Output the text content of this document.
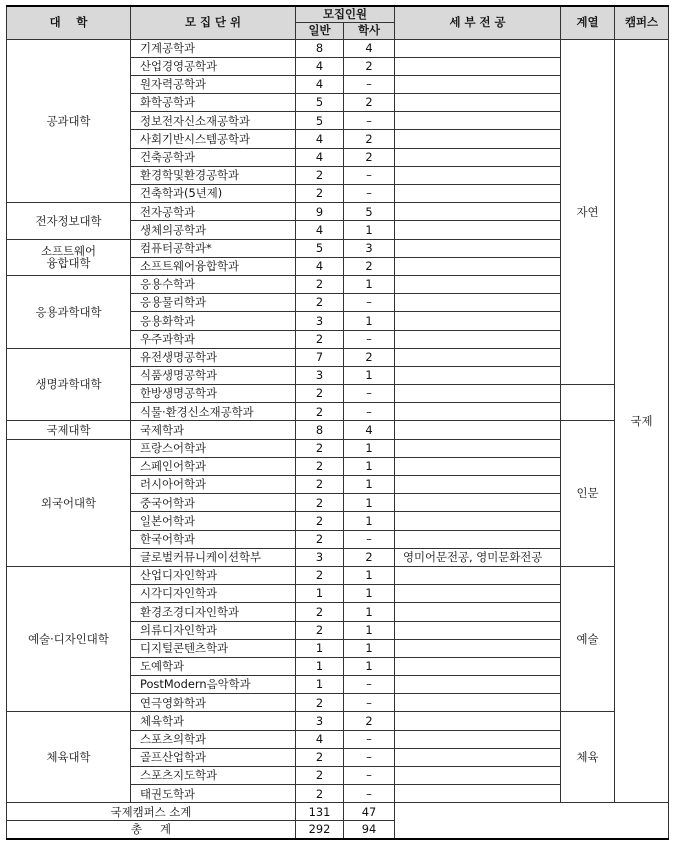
대    학	모 집 단 위	모집인원		세 부 전 공	계열	캠퍼스
		일반	학사			
공과대학	기계공학과	8	4		자연	국제
	산업경영공학과	4	2			
	원자력공학과	4	–			
	화학공학과	5	2			
	정보전자신소재공학과	5	–			
	사회기반시스템공학과	4	2			
	건축공학과	4	2			
	환경학및환경공학과	2	–			
	건축학과(5년제)	2	–			
전자정보대학	전자공학과	9	5			
	생체의공학과	4	1			
소프트웨어
융합대학	컴퓨터공학과*	5	3			
	소프트웨어융합학과	4	2			
응용과학대학	응용수학과	2	1			
	응용물리학과	2	–			
	응용화학과	3	1			
	우주과학과	2	–			
생명과학대학	유전생명공학과	7	2			
	식품생명공학과	3	1			
	한방생명공학과	2	–			
	식물·환경신소재공학과	2	–			
국제대학	국제학과	8	4		인문	
외국어대학	프랑스어학과	2	1			
	스페인어학과	2	1			
	러시아어학과	2	1			
	중국어학과	2	1			
	일본어학과	2	1			
	한국어학과	2	–			
	글로벌커뮤니케이션학부	3	2	영미어문전공, 영미문화전공		
예술·디자인대학	산업디자인학과	2	1		예술	
	시각디자인학과	1	1			
	환경조경디자인학과	2	1			
	의류디자인학과	2	1			
	디지털콘텐츠학과	1	1			
	도예학과	1	1			
	PostModern음악학과	1	–			
	연극영화학과	2	–			
체육대학	체육학과	3	2		체육	
	스포츠의학과	4	–			
	골프산업학과	2	–			
	스포츠지도학과	2	–			
	태권도학과	2	–			
국제캠퍼스 소계		131	47			
총     계		292	94			
